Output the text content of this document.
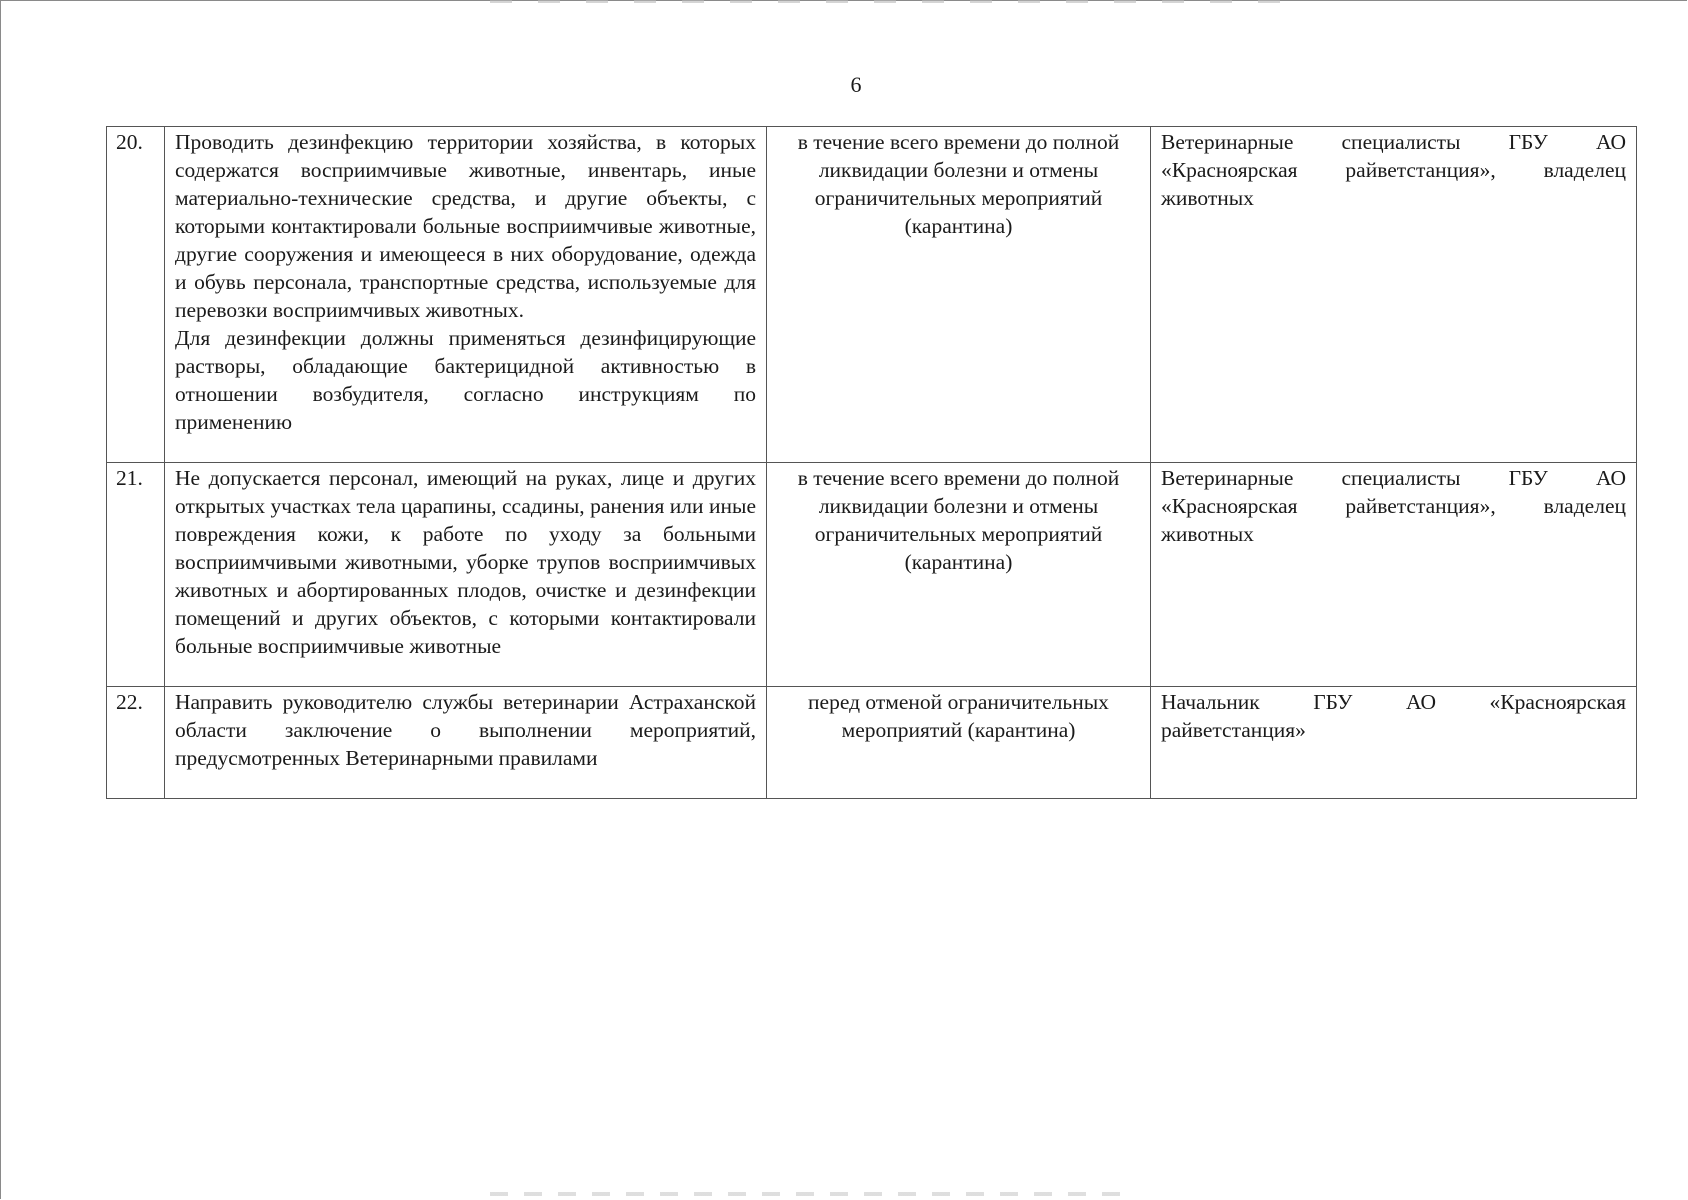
6
20.	Проводить дезинфекцию территории хозяйства, в которых содержатся восприимчивые животные, инвентарь, иные материально-технические средства, и другие объекты, с которыми контактировали больные восприимчивые животные, другие сооружения и имеющееся в них оборудование, одежда и обувь персонала, транспортные средства, используемые для перевозки восприимчивых животных.

Для дезинфекции должны применяться дезинфицирующие растворы, обладающие бактерицидной активностью в отношении возбудителя, согласно инструкциям по применению	в течение всего времени до полной ликвидации болезни и отмены ограничительных мероприятий (карантина)	Ветеринарные специалисты ГБУ АО «Красноярская райветстанция», владелец животных

21.	Не допускается персонал, имеющий на руках, лице и других открытых участках тела царапины, ссадины, ранения или иные повреждения кожи, к работе по уходу за больными восприимчивыми животными, уборке трупов восприимчивых животных и абортированных плодов, очистке и дезинфекции помещений и других объектов, с которыми контактировали больные восприимчивые животные	в течение всего времени до полной ликвидации болезни и отмены ограничительных мероприятий (карантина)	Ветеринарные специалисты ГБУ АО «Красноярская райветстанция», владелец животных

22.	Направить руководителю службы ветеринарии Астраханской области заключение о выполнении мероприятий, предусмотренных Ветеринарными правилами	перед отменой ограничительных мероприятий (карантина)	Начальник ГБУ АО «Красноярская райветстанция»
